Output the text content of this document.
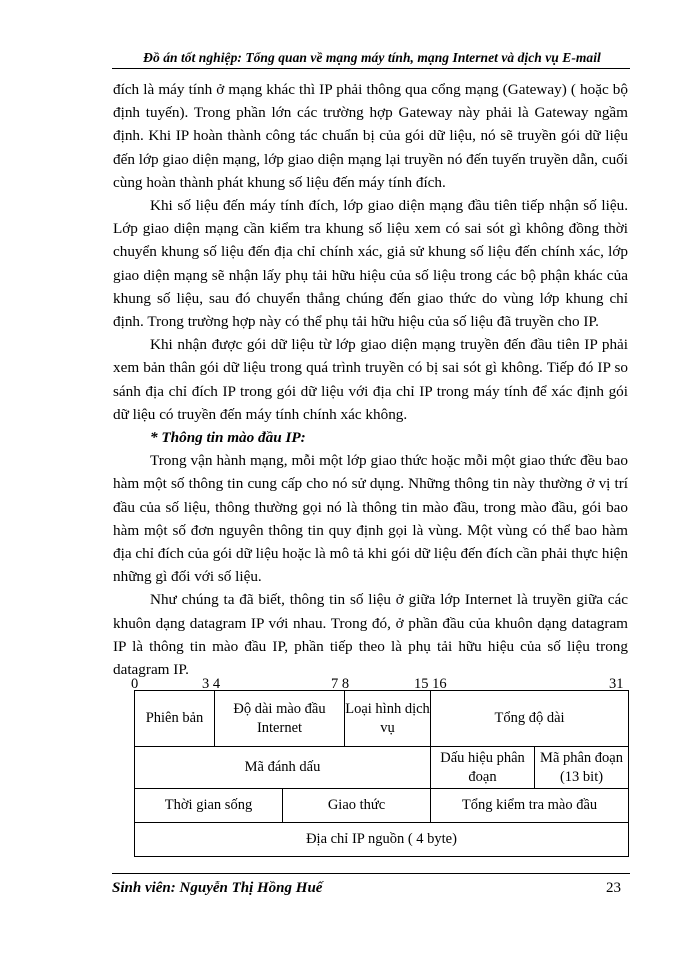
Đồ án tốt nghiệp: Tổng quan về mạng máy tính, mạng Internet và dịch vụ E-mail

đích là máy tính ở mạng khác thì IP phải thông qua cổng mạng (Gateway) ( hoặc bộ định tuyến). Trong phần lớn các trường hợp Gateway này phải là Gateway ngầm định. Khi IP hoàn thành công tác chuẩn bị của gói dữ liệu, nó sẽ truyền gói dữ liệu đến lớp giao diện mạng, lớp giao diện mạng lại truyền nó đến tuyến truyền dẫn, cuối cùng hoàn thành phát khung số liệu đến máy tính đích.

Khi số liệu đến máy tính đích, lớp giao diện mạng đầu tiên tiếp nhận số liệu. Lớp giao diện mạng cần kiểm tra khung số liệu xem có sai sót gì không đồng thời chuyển khung số liệu đến địa chỉ chính xác, giả sử khung số liệu đến chính xác, lớp giao diện mạng sẽ nhận lấy phụ tải hữu hiệu của số liệu trong các bộ phận khác của khung số liệu, sau đó chuyển thẳng chúng đến giao thức do vùng lớp khung chỉ định. Trong trường hợp này có thể phụ tải hữu hiệu của số liệu đã truyền cho IP.

Khi nhận được gói dữ liệu từ lớp giao diện mạng truyền đến đầu tiên IP phải xem bản thân gói dữ liệu trong quá trình truyền có bị sai sót gì không. Tiếp đó IP so sánh địa chỉ đích IP trong gói dữ liệu với địa chỉ IP trong máy tính để xác định gói dữ liệu có truyền đến máy tính chính xác không.

* Thông tin mào đầu IP:

Trong vận hành mạng, mỗi một lớp giao thức hoặc mỗi một giao thức đều bao hàm một số thông tin cung cấp cho nó sử dụng. Những thông tin này thường ở vị trí đầu của số liệu, thông thường gọi nó là thông tin mào đầu, trong mào đầu, gói bao hàm một số đơn nguyên thông tin quy định gọi là vùng. Một vùng có thể bao hàm địa chỉ đích của gói dữ liệu hoặc là mô tả khi gói dữ liệu đến đích cần phải thực hiện những gì đối với số liệu.

Như chúng ta đã biết, thông tin số liệu ở giữa lớp Internet là truyền giữa các khuôn dạng datagram IP với nhau. Trong đó, ở phần đầu của khuôn dạng datagram IP là thông tin mào đầu IP, phần tiếp theo là phụ tải hữu hiệu của số liệu trong datagram IP.

0	3 4	7 8	15 16	31
Phiên bản	Độ dài mào đầu Internet		Loại hình dịch vụ	Tổng độ dài	
Mã đánh dấu				Dấu hiệu phân đoạn	Mã phân đoạn (13 bit)
Thời gian sống		Giao thức		Tổng kiểm tra mào đầu	
Địa chỉ IP nguồn ( 4 byte)					
Sinh viên: Nguyễn Thị Hồng Huế	23
